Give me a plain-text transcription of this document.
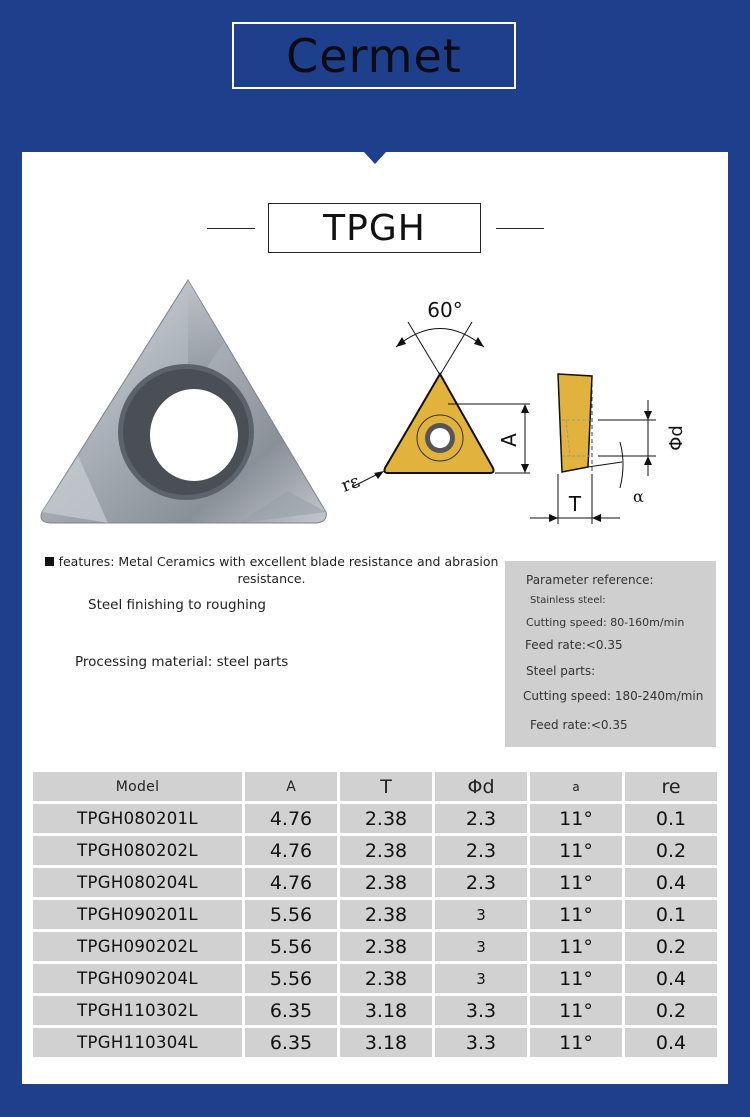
Cermet
TPGH
60°
A
rε
Φd
α
T
features: Metal Ceramics with excellent blade resistance and abrasion resistance.
Steel finishing to roughing
Processing material: steel parts
Parameter reference:
Stainless steel:
Cutting speed: 80-160m/min
Feed rate:<0.35
Steel parts:
Cutting speed: 180-240m/min
Feed rate:<0.35
Model	A	T	Φd	a	re
TPGH080201L	4.76	2.38	2.3	11°	0.1
TPGH080202L	4.76	2.38	2.3	11°	0.2
TPGH080204L	4.76	2.38	2.3	11°	0.4
TPGH090201L	5.56	2.38	3	11°	0.1
TPGH090202L	5.56	2.38	3	11°	0.2
TPGH090204L	5.56	2.38	3	11°	0.4
TPGH110302L	6.35	3.18	3.3	11°	0.2
TPGH110304L	6.35	3.18	3.3	11°	0.4
